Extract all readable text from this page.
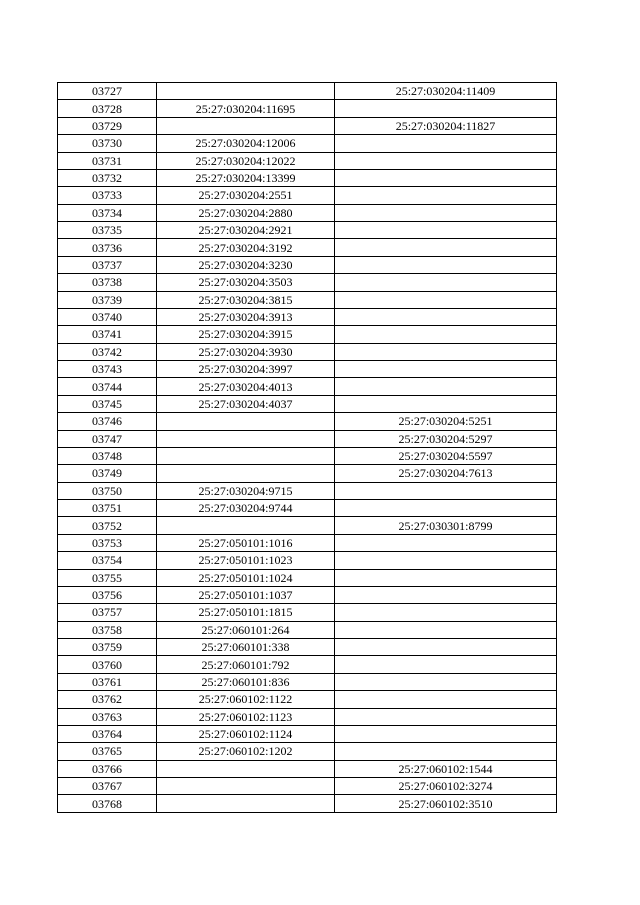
03727		25:27:030204:11409
03728	25:27:030204:11695	
03729		25:27:030204:11827
03730	25:27:030204:12006	
03731	25:27:030204:12022	
03732	25:27:030204:13399	
03733	25:27:030204:2551	
03734	25:27:030204:2880	
03735	25:27:030204:2921	
03736	25:27:030204:3192	
03737	25:27:030204:3230	
03738	25:27:030204:3503	
03739	25:27:030204:3815	
03740	25:27:030204:3913	
03741	25:27:030204:3915	
03742	25:27:030204:3930	
03743	25:27:030204:3997	
03744	25:27:030204:4013	
03745	25:27:030204:4037	
03746		25:27:030204:5251
03747		25:27:030204:5297
03748		25:27:030204:5597
03749		25:27:030204:7613
03750	25:27:030204:9715	
03751	25:27:030204:9744	
03752		25:27:030301:8799
03753	25:27:050101:1016	
03754	25:27:050101:1023	
03755	25:27:050101:1024	
03756	25:27:050101:1037	
03757	25:27:050101:1815	
03758	25:27:060101:264	
03759	25:27:060101:338	
03760	25:27:060101:792	
03761	25:27:060101:836	
03762	25:27:060102:1122	
03763	25:27:060102:1123	
03764	25:27:060102:1124	
03765	25:27:060102:1202	
03766		25:27:060102:1544
03767		25:27:060102:3274
03768		25:27:060102:3510
